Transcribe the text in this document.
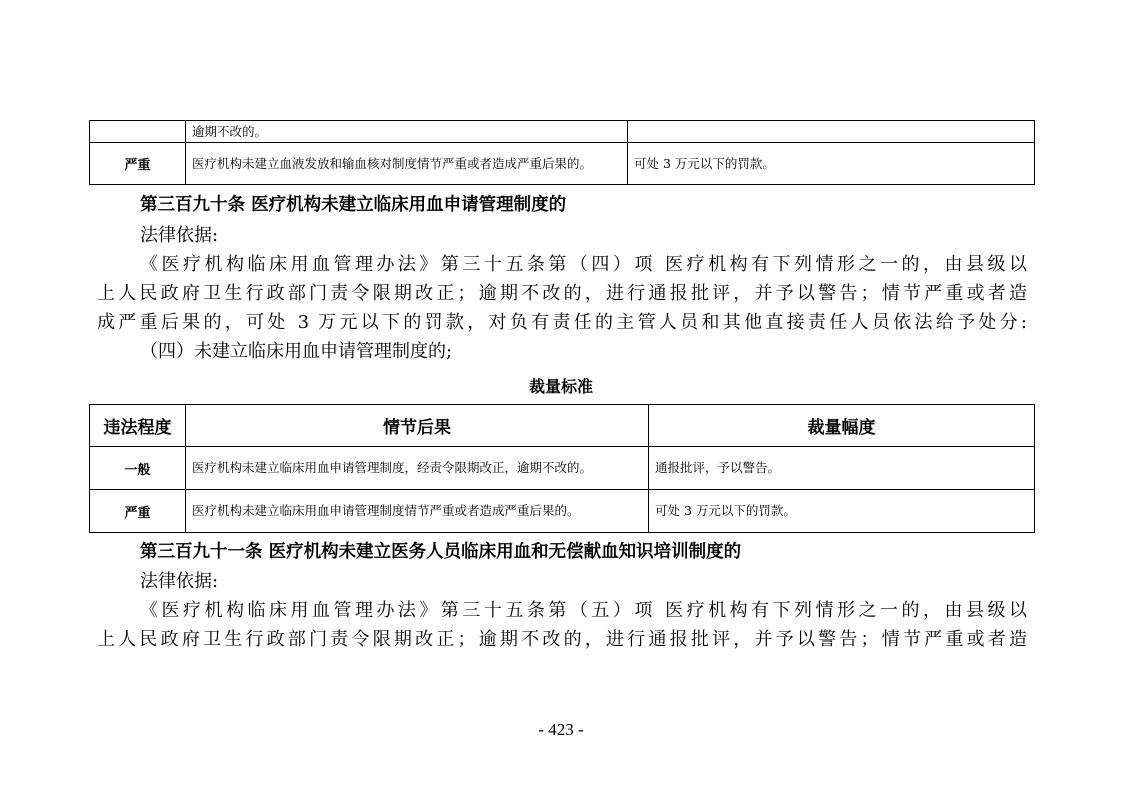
	逾期不改的。	
严重	医疗机构未建立血液发放和输血核对制度情节严重或者造成严重后果的。	可处 3 万元以下的罚款。
第三百九十条 医疗机构未建立临床用血申请管理制度的
法律依据:
《医疗机构临床用血管理办法》第三十五条第（四）项 医疗机构有下列情形之一的，由县级以
上人民政府卫生行政部门责令限期改正；逾期不改的，进行通报批评，并予以警告；情节严重或者造
成严重后果的，可处 3 万元以下的罚款，对负有责任的主管人员和其他直接责任人员依法给予处分:
（四）未建立临床用血申请管理制度的;
裁量标准
违法程度	情节后果	裁量幅度
一般	医疗机构未建立临床用血申请管理制度，经责令限期改正，逾期不改的。	通报批评，予以警告。
严重	医疗机构未建立临床用血申请管理制度情节严重或者造成严重后果的。	可处 3 万元以下的罚款。
第三百九十一条 医疗机构未建立医务人员临床用血和无偿献血知识培训制度的
法律依据:
《医疗机构临床用血管理办法》第三十五条第（五）项 医疗机构有下列情形之一的，由县级以
上人民政府卫生行政部门责令限期改正；逾期不改的，进行通报批评，并予以警告；情节严重或者造
- 423 -
